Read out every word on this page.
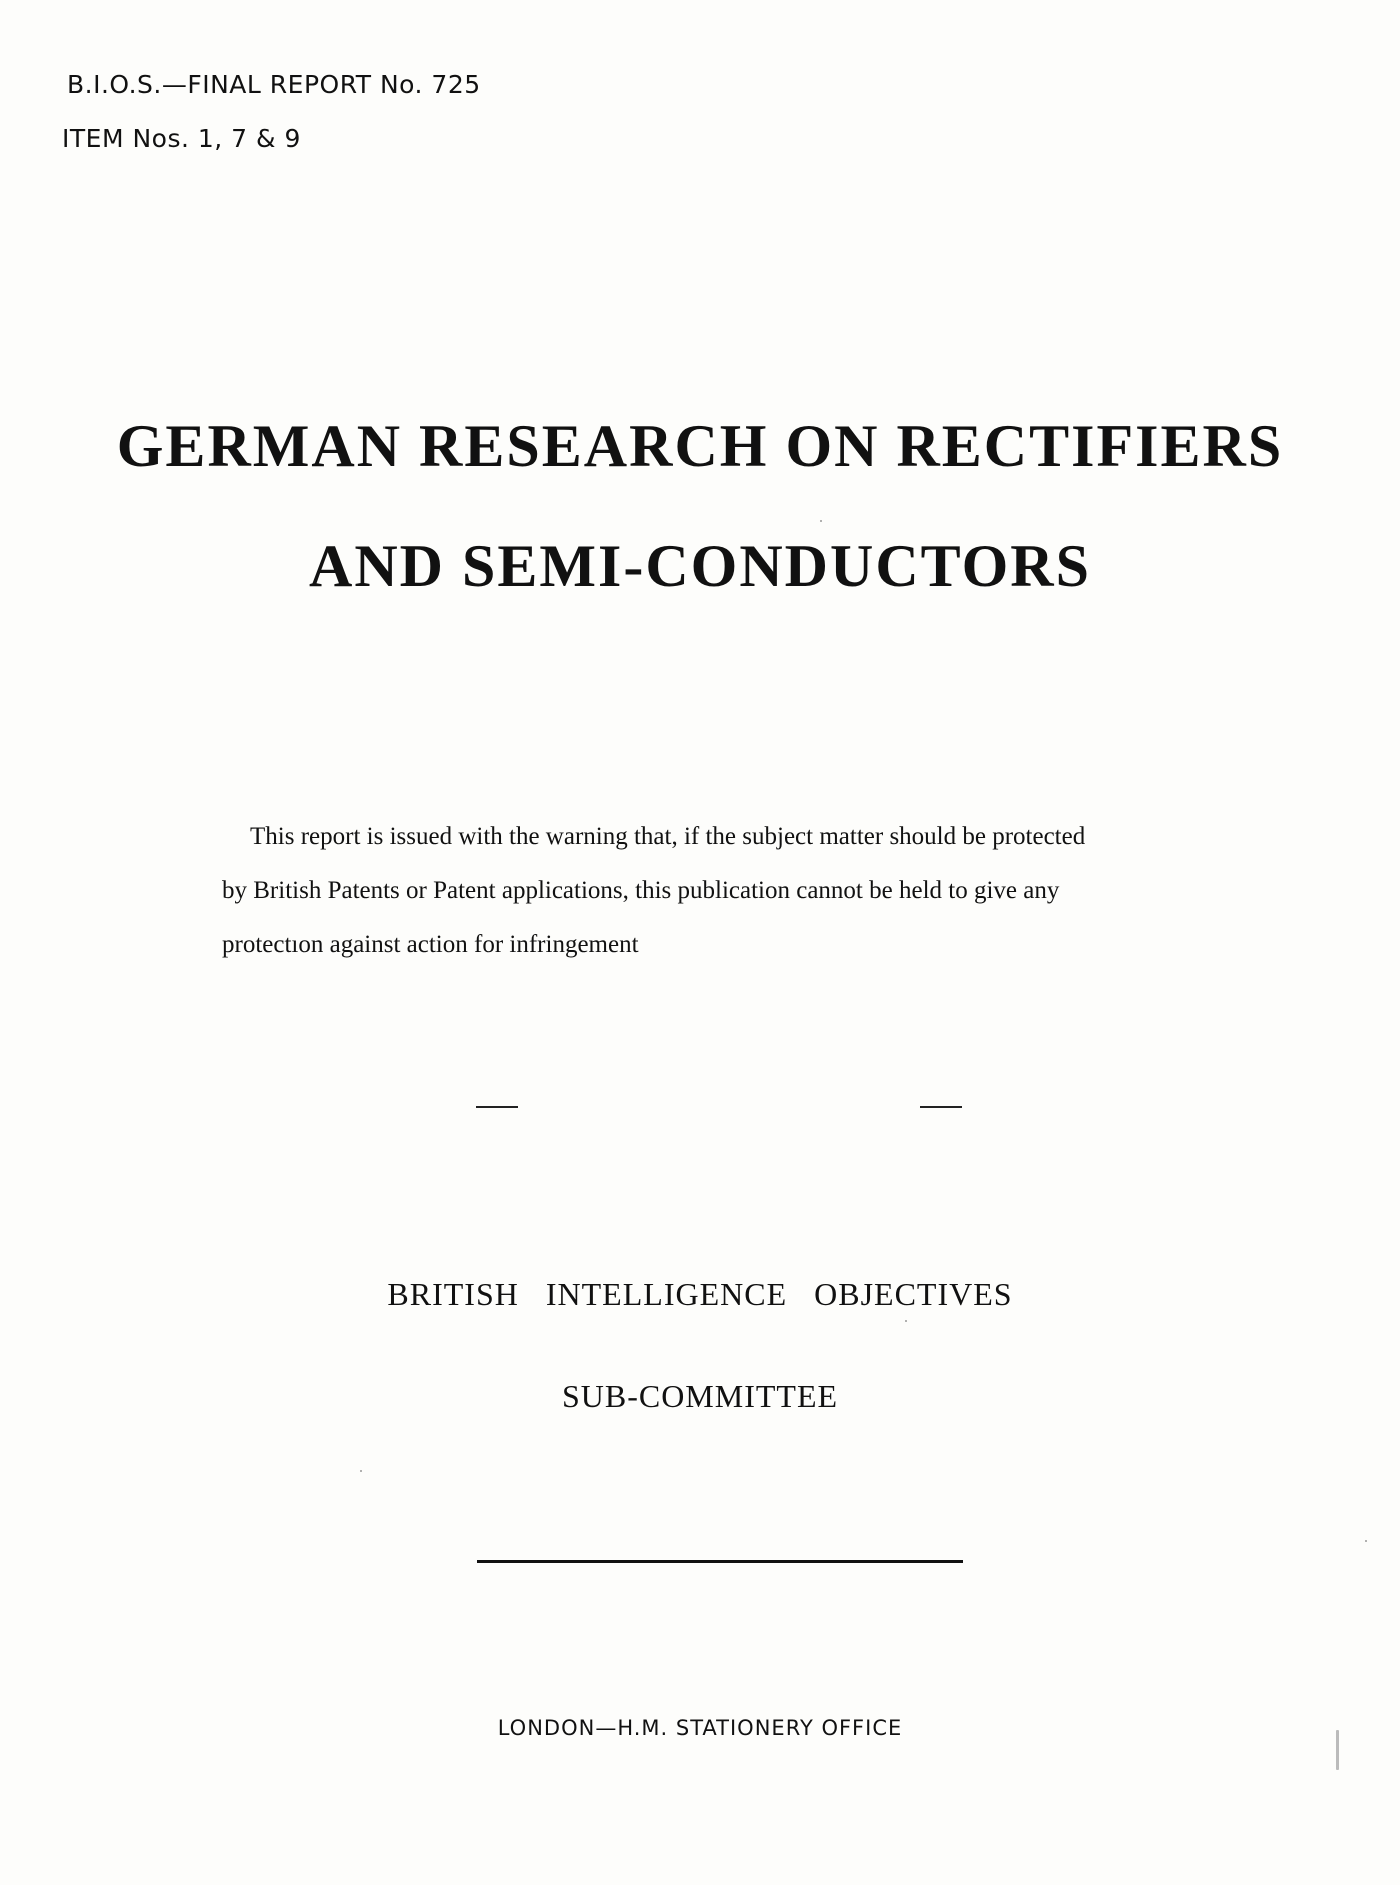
B.I.O.S.—FINAL REPORT No. 725
ITEM Nos. 1, 7 & 9
GERMAN RESEARCH ON RECTIFIERS
AND SEMI-CONDUCTORS

This report is issued with the warning that, if the subject matter should be protected

by British Patents or Patent applications, this publication cannot be held to give any

protectıon against action for infringement

BRITISH INTELLIGENCE OBJECTIVES
SUB-COMMITTEE
LONDON—H.M. STATIONERY OFFICE
